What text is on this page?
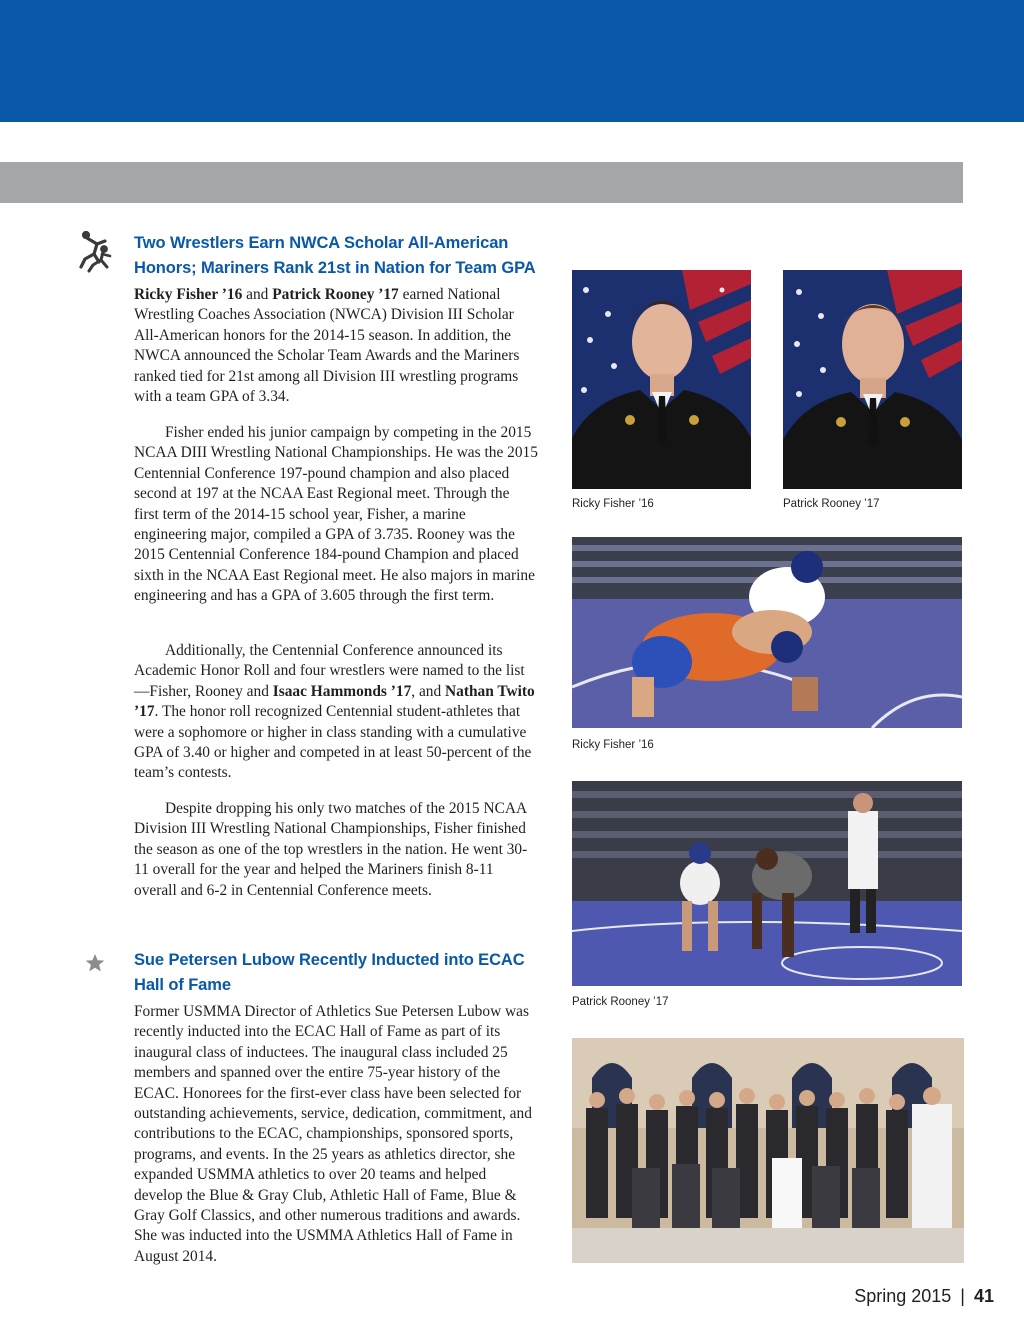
Two Wrestlers Earn NWCA Scholar All-American Honors; Mariners Rank 21st in Nation for Team GPA

Ricky Fisher ’16 and Patrick Rooney ’17 earned National Wrestling Coaches Association (NWCA) Division III Scholar All-American honors for the 2014-15 season. In addition, the NWCA announced the Scholar Team Awards and the Mariners ranked tied for 21st among all Division III wrestling programs with a team GPA of 3.34.

Fisher ended his junior campaign by competing in the 2015 NCAA DIII Wrestling National Championships. He was the 2015 Centennial Conference 197-pound champion and also placed second at 197 at the NCAA East Regional meet. Through the first term of the 2014-15 school year, Fisher, a marine engineering major, compiled a GPA of 3.735. Rooney was the 2015 Centennial Conference 184-pound Champion and placed sixth in the NCAA East Regional meet. He also majors in marine engineering and has a GPA of 3.605 through the first term.

Additionally, the Centennial Conference announced its Academic Honor Roll and four wrestlers were named to the list—Fisher, Rooney and Isaac Hammonds ’17, and Nathan Twito ’17. The honor roll recognized Centennial student-athletes that were a sophomore or higher in class standing with a cumulative GPA of 3.40 or higher and competed in at least 50-percent of the team’s contests.

Despite dropping his only two matches of the 2015 NCAA Division III Wrestling National Championships, Fisher finished the season as one of the top wrestlers in the nation. He went 30-11 overall for the year and helped the Mariners finish 8-11 overall and 6-2 in Centennial Conference meets.

Sue Petersen Lubow Recently Inducted into ECAC Hall of Fame

Former USMMA Director of Athletics Sue Petersen Lubow was recently inducted into the ECAC Hall of Fame as part of its inaugural class of inductees. The inaugural class included 25 members and spanned over the entire 75-year history of the ECAC. Honorees for the first-ever class have been selected for outstanding achievements, service, dedication, commitment, and contributions to the ECAC, championships, sponsored sports, programs, and events. In the 25 years as athletics director, she expanded USMMA athletics to over 20 teams and helped develop the Blue & Gray Club, Athletic Hall of Fame, Blue & Gray Golf Classics, and other numerous traditions and awards. She was inducted into the USMMA Athletics Hall of Fame in August 2014.

Ricky Fisher ’16	Patrick Rooney ’17
Ricky Fisher ’16
Patrick Rooney ’17
Spring 2015 | 41
